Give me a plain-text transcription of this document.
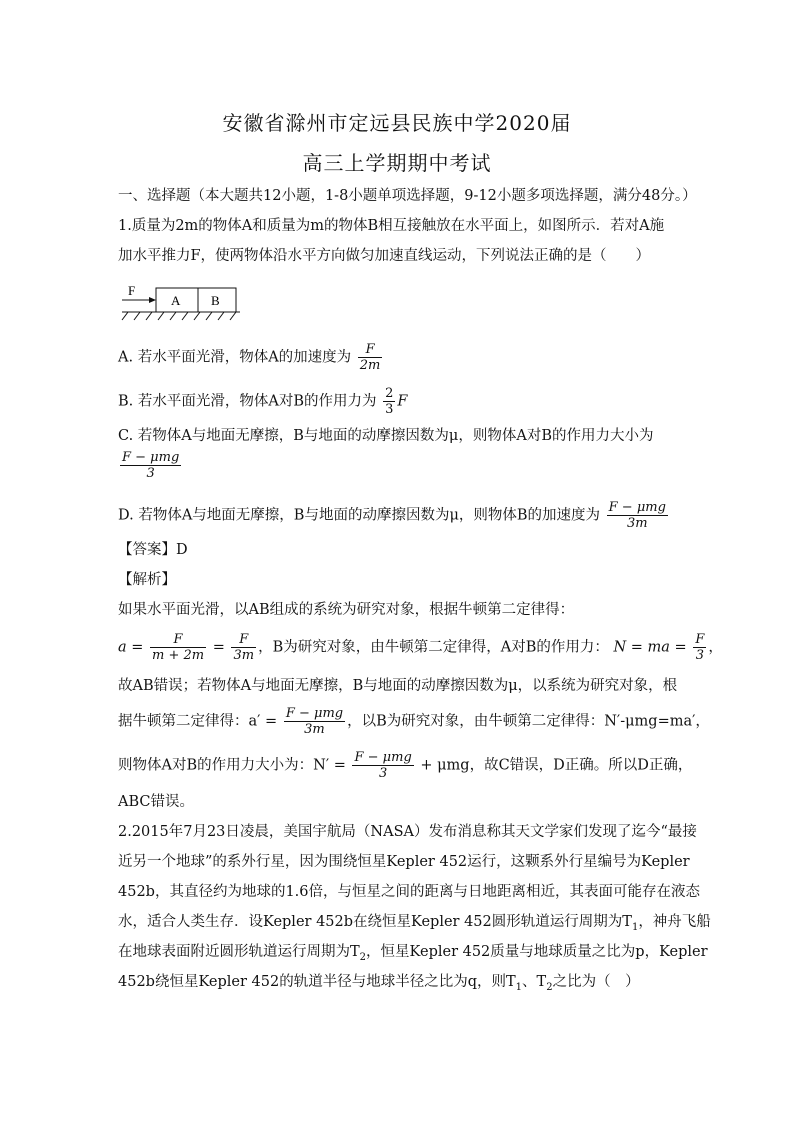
安徽省滁州市定远县民族中学2020届
高三上学期期中考试
一、选择题（本大题共12小题，1-8小题单项选择题，9-12小题多项选择题，满分48分。）
1.质量为2m的物体A和质量为m的物体B相互接触放在水平面上，如图所示．若对A施
加水平推力F，使两物体沿水平方向做匀加速直线运动，下列说法正确的是（　　）
F
A B
A. 若水平面光滑，物体A的加速度为 $\frac{F}{2m}$
B. 若水平面光滑，物体A对B的作用力为 $\frac{2}{3}$ F
C. 若物体A与地面无摩擦，B与地面的动摩擦因数为μ，则物体A对B的作用力大小为
$\frac{\text{F − μmg}}{3}$
D. 若物体A与地面无摩擦，B与地面的动摩擦因数为μ，则物体B的加速度为 $\frac{\text{F − μmg}}{3m}$
【答案】D
【解析】
如果水平面光滑，以AB组成的系统为研究对象，根据牛顿第二定律得：
$a = \frac{F}{m + 2m} = \frac{F}{3m}$ ，B为研究对象，由牛顿第二定律得，A对B的作用力： N = ma = $\frac{F}{3}$ ，
故AB错误；若物体A与地面无摩擦，B与地面的动摩擦因数为μ，以系统为研究对象，根
据牛顿第二定律得：$a' = \frac{\text{F − μmg}}{3m}$ ，以B为研究对象，由牛顿第二定律得：N′-μmg=ma′，
则物体A对B的作用力大小为：$N' = \frac{\text{F − μmg}}{3} + \mu mg$，故C错误，D正确。所以D正确，
ABC错误。
2.2015年7月23日凌晨，美国宇航局（NASA）发布消息称其天文学家们发现了迄今“最接
近另一个地球”的系外行星，因为围绕恒星Kepler 452运行，这颗系外行星编号为Kepler
452b，其直径约为地球的1.6倍，与恒星之间的距离与日地距离相近，其表面可能存在液态
水，适合人类生存．设Kepler 452b在绕恒星Kepler 452圆形轨道运行周期为$T_1$，神舟飞船
在地球表面附近圆形轨道运行周期为$T_2$，恒星Kepler 452质量与地球质量之比为p，Kepler
452b绕恒星Kepler 452的轨道半径与地球半径之比为q，则$T_1$、$T_2$之比为（　）
